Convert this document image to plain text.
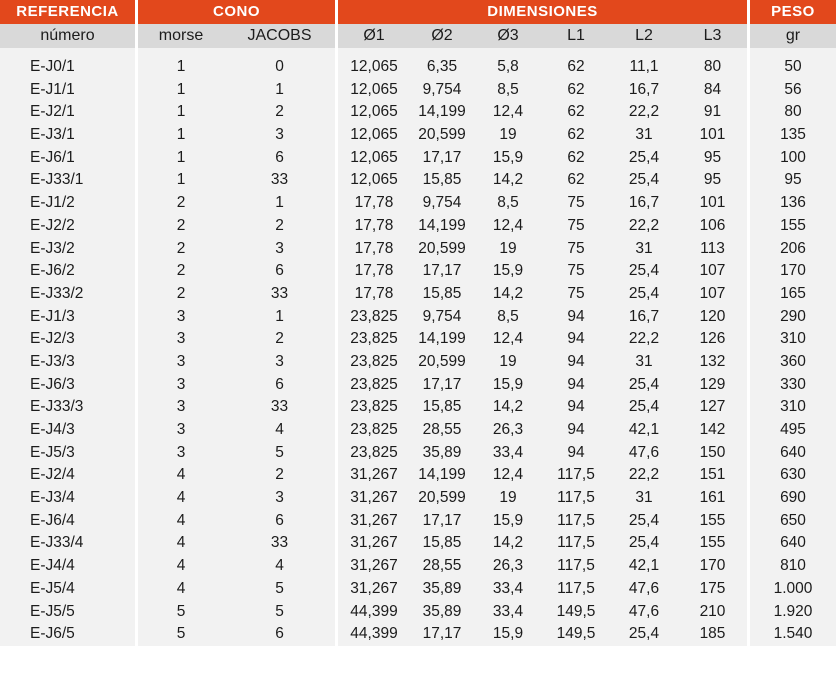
REFERENCIA	CONO	DIMENSIONES	PESO
número	morse	JACOBS	Ø1	Ø2	Ø3	L1	L2	L3	gr
E-J0/1	1	0	12,065	6,35	5,8	62	11,1	80	50
E-J1/1	1	1	12,065	9,754	8,5	62	16,7	84	56
E-J2/1	1	2	12,065	14,199	12,4	62	22,2	91	80
E-J3/1	1	3	12,065	20,599	19	62	31	101	135
E-J6/1	1	6	12,065	17,17	15,9	62	25,4	95	100
E-J33/1	1	33	12,065	15,85	14,2	62	25,4	95	95
E-J1/2	2	1	17,78	9,754	8,5	75	16,7	101	136
E-J2/2	2	2	17,78	14,199	12,4	75	22,2	106	155
E-J3/2	2	3	17,78	20,599	19	75	31	113	206
E-J6/2	2	6	17,78	17,17	15,9	75	25,4	107	170
E-J33/2	2	33	17,78	15,85	14,2	75	25,4	107	165
E-J1/3	3	1	23,825	9,754	8,5	94	16,7	120	290
E-J2/3	3	2	23,825	14,199	12,4	94	22,2	126	310
E-J3/3	3	3	23,825	20,599	19	94	31	132	360
E-J6/3	3	6	23,825	17,17	15,9	94	25,4	129	330
E-J33/3	3	33	23,825	15,85	14,2	94	25,4	127	310
E-J4/3	3	4	23,825	28,55	26,3	94	42,1	142	495
E-J5/3	3	5	23,825	35,89	33,4	94	47,6	150	640
E-J2/4	4	2	31,267	14,199	12,4	117,5	22,2	151	630
E-J3/4	4	3	31,267	20,599	19	117,5	31	161	690
E-J6/4	4	6	31,267	17,17	15,9	117,5	25,4	155	650
E-J33/4	4	33	31,267	15,85	14,2	117,5	25,4	155	640
E-J4/4	4	4	31,267	28,55	26,3	117,5	42,1	170	810
E-J5/4	4	5	31,267	35,89	33,4	117,5	47,6	175	1.000
E-J5/5	5	5	44,399	35,89	33,4	149,5	47,6	210	1.920
E-J6/5	5	6	44,399	17,17	15,9	149,5	25,4	185	1.540
